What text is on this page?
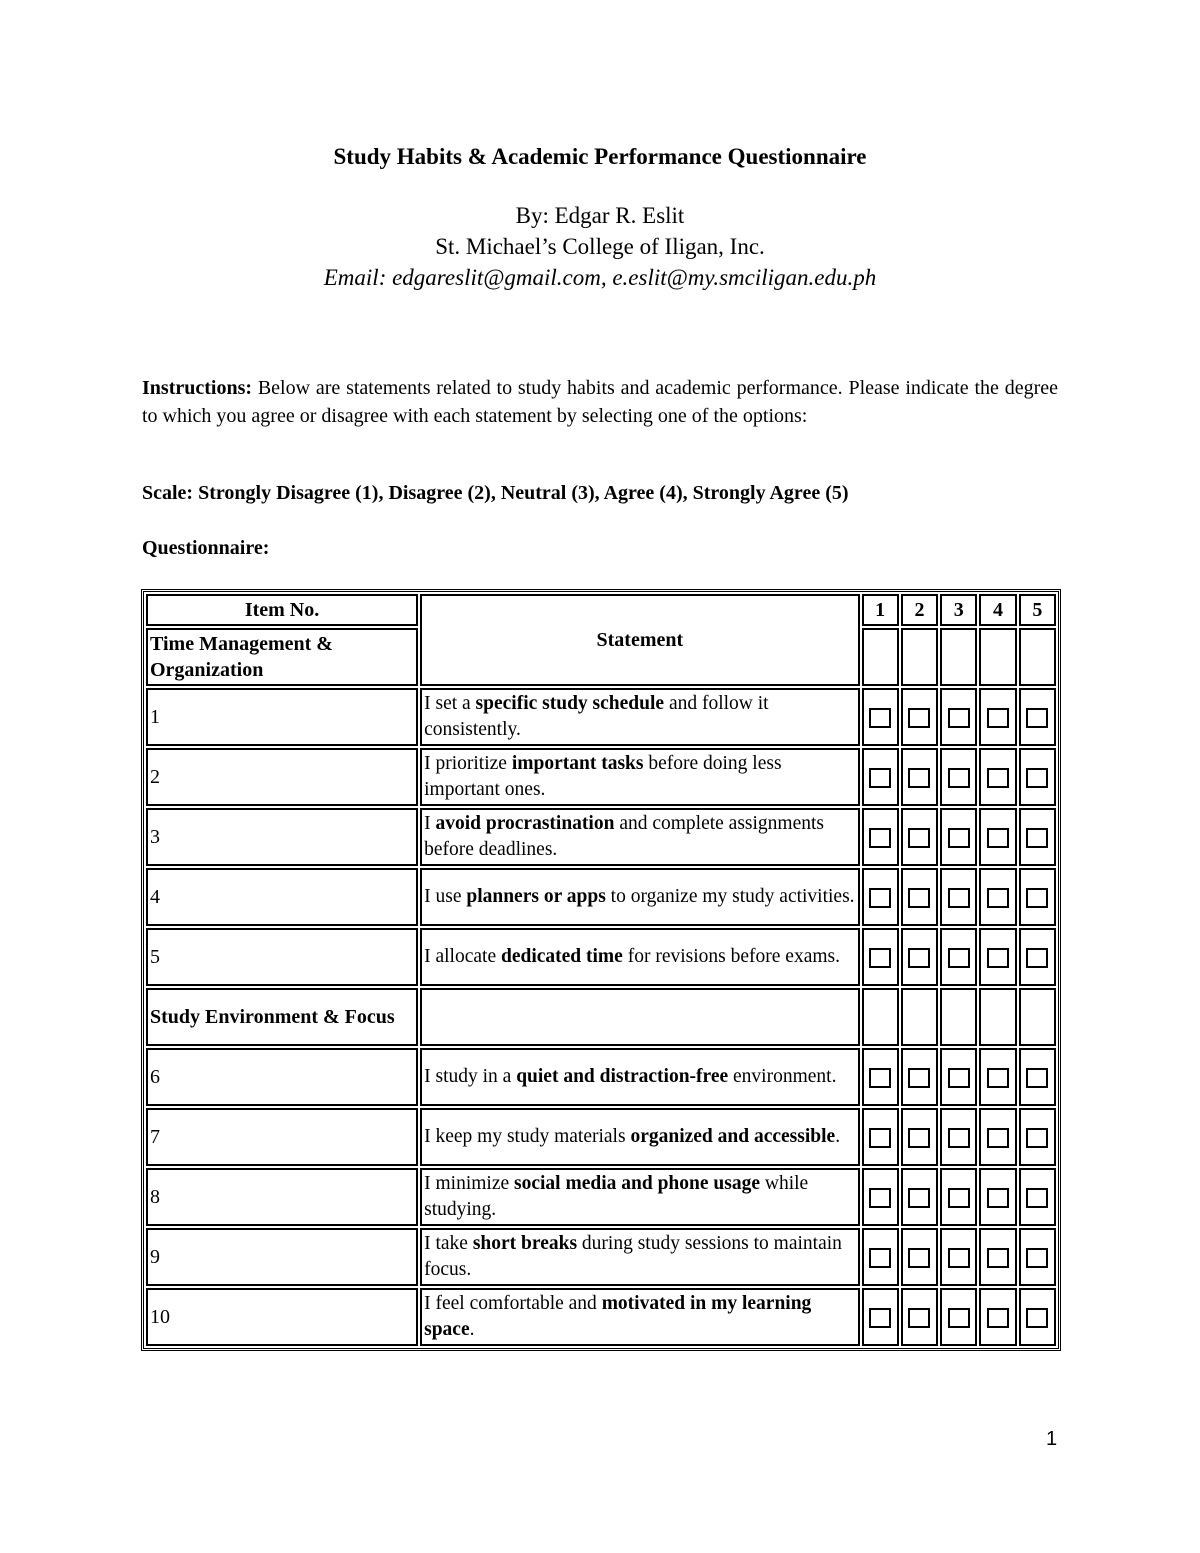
Study Habits & Academic Performance Questionnaire
By: Edgar R. Eslit
St. Michael’s College of Iligan, Inc.
Email: edgareslit@gmail.com, e.eslit@my.smciligan.edu.ph
Instructions: Below are statements related to study habits and academic performance. Please indicate the degree to which you agree or disagree with each statement by selecting one of the options:
Scale: Strongly Disagree (1), Disagree (2), Neutral (3), Agree (4), Strongly Agree (5)
Questionnaire:
Item No.	Statement	1	2	3	4	5
Time Management & Organization						
1	I set a specific study schedule and follow it consistently.					
2	I prioritize important tasks before doing less important ones.					
3	I avoid procrastination and complete assignments before deadlines.					
4	I use planners or apps to organize my study activities.					
5	I allocate dedicated time for revisions before exams.					
Study Environment & Focus						
6	I study in a quiet and distraction-free environment.					
7	I keep my study materials organized and accessible.					
8	I minimize social media and phone usage while studying.					
9	I take short breaks during study sessions to maintain focus.					
10	I feel comfortable and motivated in my learning space.					
1
